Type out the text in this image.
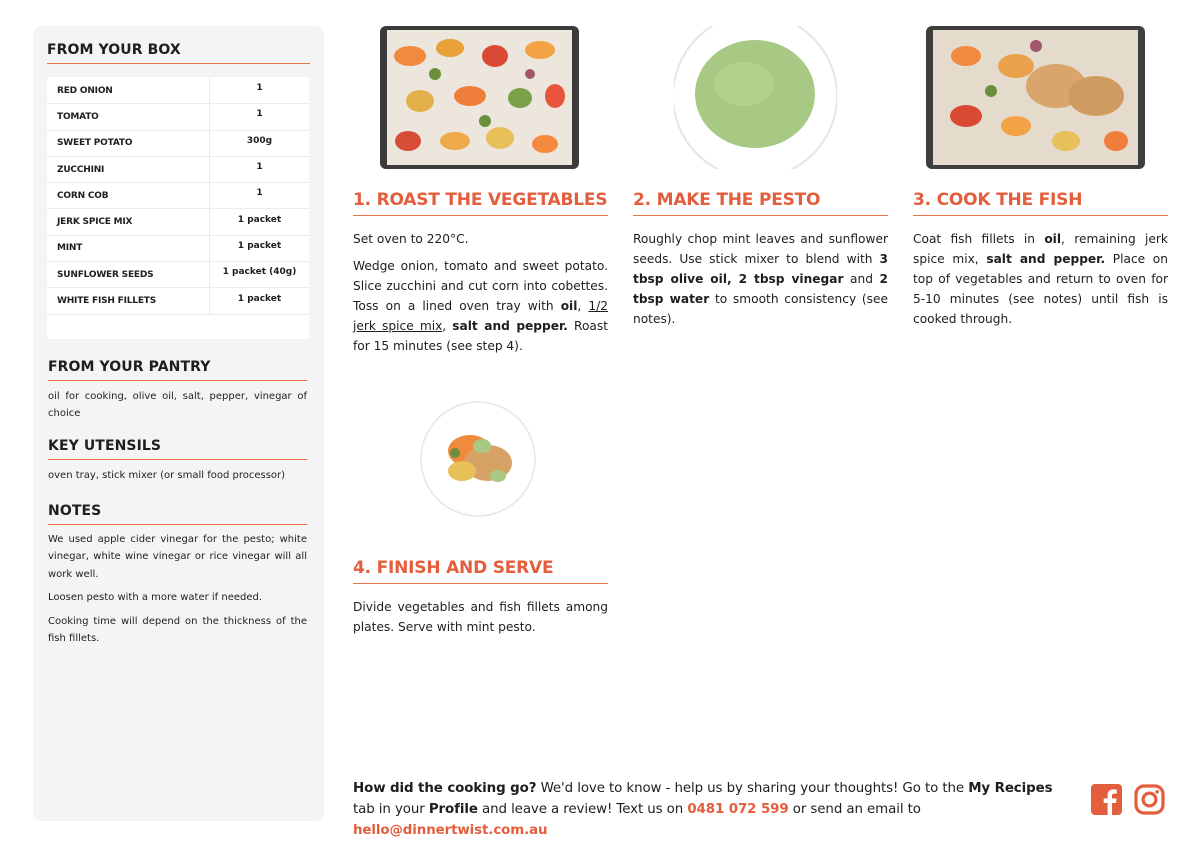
FROM YOUR BOX
RED ONION	1
TOMATO	1
SWEET POTATO	300g
ZUCCHINI	1
CORN COB	1
JERK SPICE MIX	1 packet
MINT	1 packet
SUNFLOWER SEEDS	1 packet (40g)
WHITE FISH FILLETS	1 packet
FROM YOUR PANTRY
oil for cooking, olive oil, salt, pepper, vinegar of choice
KEY UTENSILS
oven tray, stick mixer (or small food processor)
NOTES
We used apple cider vinegar for the pesto; white vinegar, white wine vinegar or rice vinegar will all work well.
Loosen pesto with a more water if needed.
Cooking time will depend on the thickness of the fish fillets.
1. ROAST THE VEGETABLES

Set oven to 220°C.

Wedge onion, tomato and sweet potato. Slice zucchini and cut corn into cobettes. Toss on a lined oven tray with oil, 1/2 jerk spice mix, salt and pepper. Roast for 15 minutes (see step 4).

2. MAKE THE PESTO

Roughly chop mint leaves and sunflower seeds. Use stick mixer to blend with 3 tbsp olive oil, 2 tbsp vinegar and 2 tbsp water to smooth consistency (see notes).

3. COOK THE FISH

Coat fish fillets in oil, remaining jerk spice mix, salt and pepper. Place on top of vegetables and return to oven for 5-10 minutes (see notes) until fish is cooked through.

4. FINISH AND SERVE

Divide vegetables and fish fillets among plates. Serve with mint pesto.

How did the cooking go? We'd love to know - help us by sharing your thoughts! Go to the My Recipes tab in your Profile and leave a review! Text us on 0481 072 599 or send an email to hello@dinnertwist.com.au
